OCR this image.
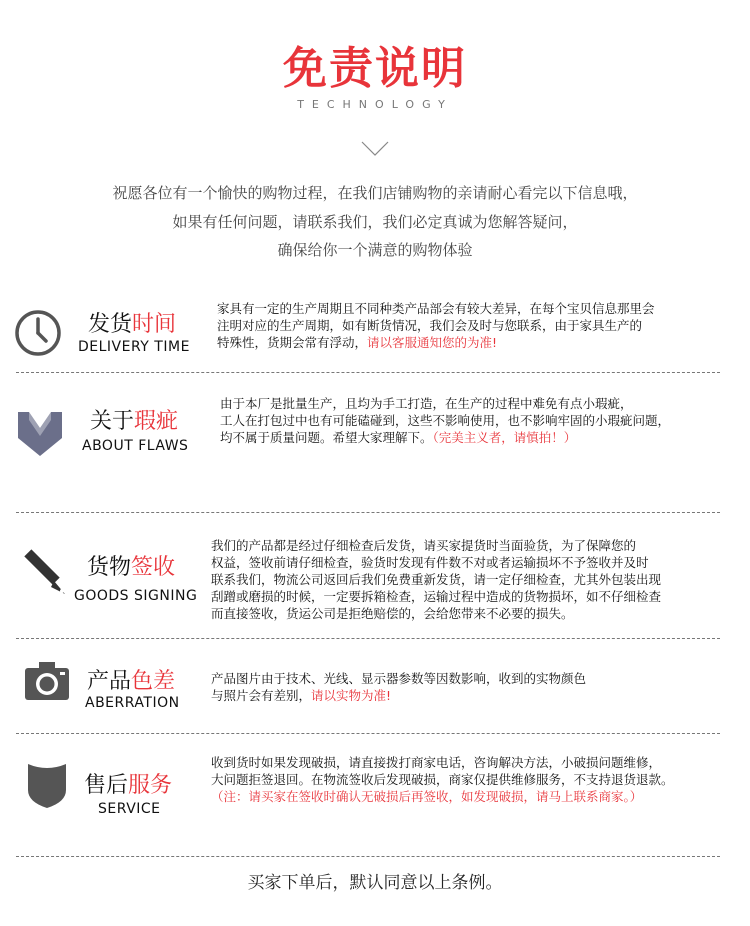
免责说明
TECHNOLOGY
祝愿各位有一个愉快的购物过程，在我们店铺购物的亲请耐心看完以下信息哦，
如果有任何问题，请联系我们，我们必定真诚为您解答疑问，
确保给你一个满意的购物体验
发货时间
DELIVERY TIME
家具有一定的生产周期且不同种类产品部会有较大差异，在每个宝贝信息那里会
注明对应的生产周期，如有断货情况，我们会及时与您联系，由于家具生产的
特殊性，货期会常有浮动，请以客服通知您的为准!
关于瑕疵
ABOUT FLAWS
由于本厂是批量生产，且均为手工打造，在生产的过程中难免有点小瑕疵，
工人在打包过中也有可能磕碰到，这些不影响使用，也不影响牢固的小瑕疵问题，
均不属于质量问题。希望大家理解下。（完美主义者，请慎拍！）
货物签收
GOODS SIGNING
我们的产品都是经过仔细检查后发货，请买家提货时当面验货，为了保障您的
权益，签收前请仔细检查，验货时发现有件数不对或者运输损坏不予签收并及时
联系我们，物流公司返回后我们免费重新发货，请一定仔细检查，尤其外包装出现
刮蹭或磨损的时候，一定要拆箱检查，运输过程中造成的货物损坏，如不仔细检查
而直接签收，货运公司是拒绝赔偿的，会给您带来不必要的损失。
产品色差
ABERRATION
产品图片由于技术、光线、显示器参数等因数影响，收到的实物颜色
与照片会有差别，请以实物为准!
售后服务
SERVICE
收到货时如果发现破损，请直接拨打商家电话，咨询解决方法，小破损问题维修，
大问题拒签退回。在物流签收后发现破损，商家仅提供维修服务，不支持退货退款。
（注：请买家在签收时确认无破损后再签收，如发现破损，请马上联系商家。）
买家下单后，默认同意以上条例。
